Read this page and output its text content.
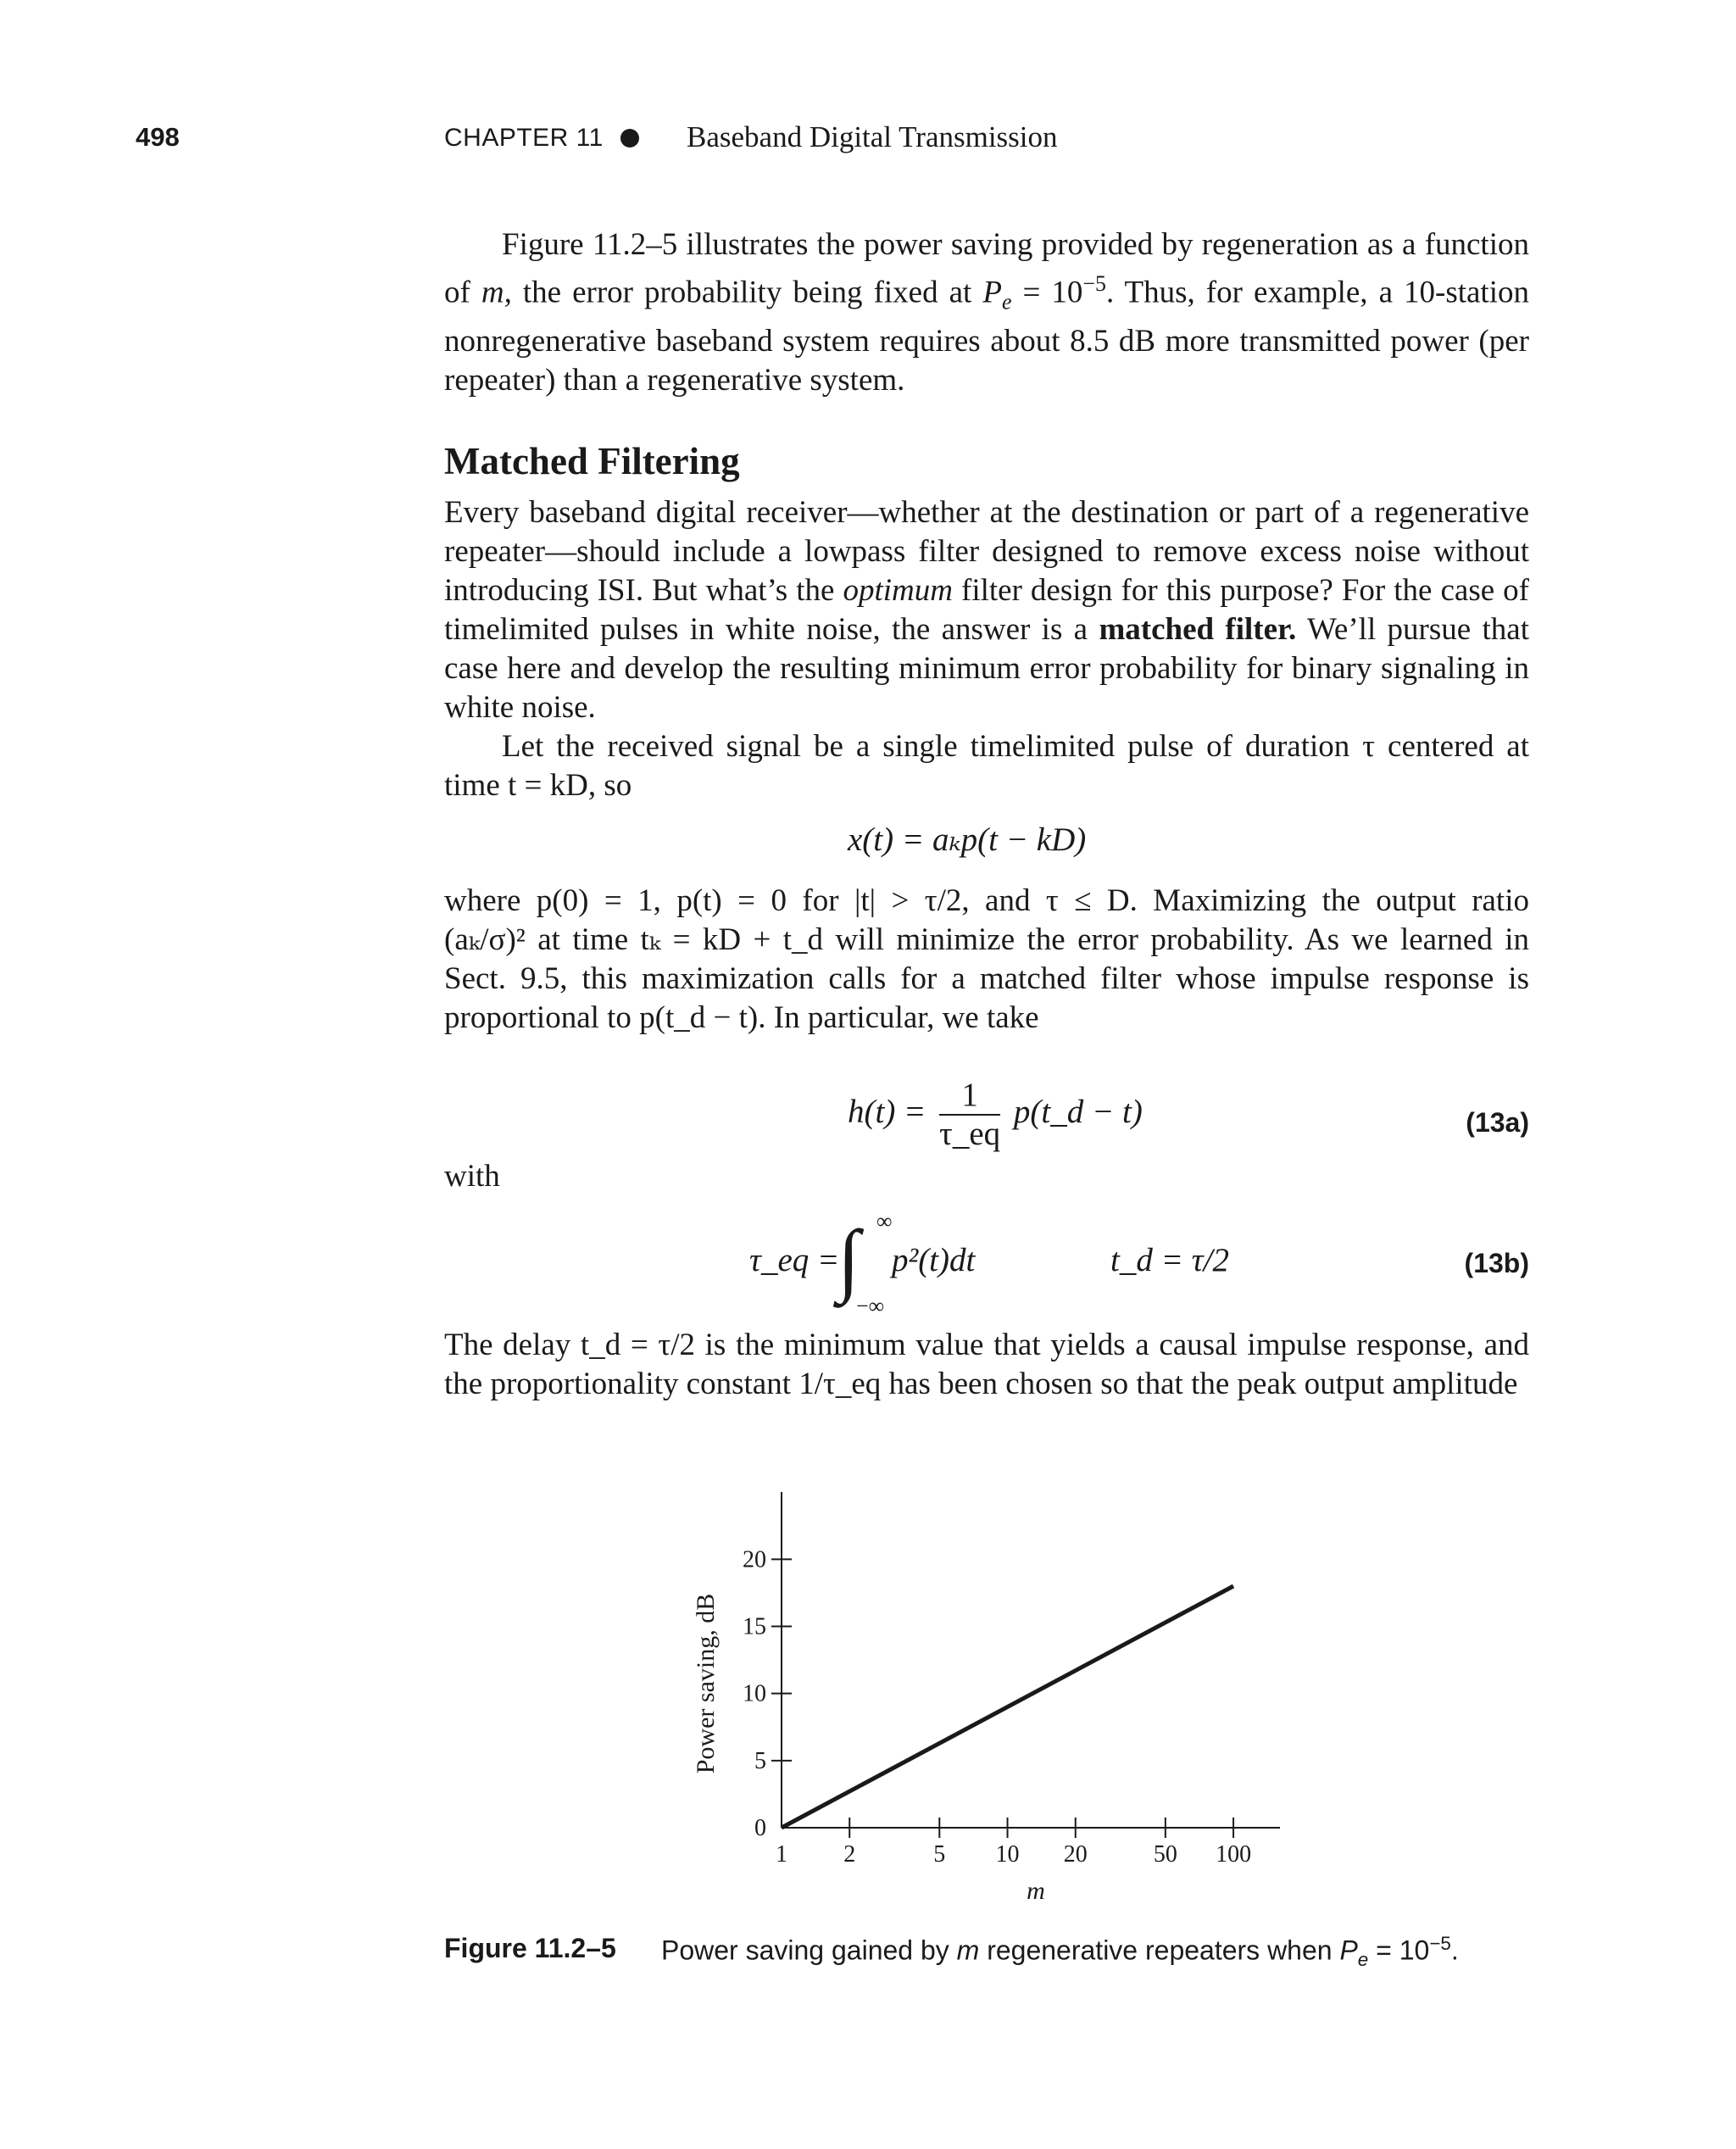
498	CHAPTER 11	Baseband Digital Transmission

Figure 11.2–5 illustrates the power saving provided by regeneration as a function of m, the error probability being fixed at $P_e = 10^{-5}$. Thus, for example, a 10-station nonregenerative baseband system requires about 8.5 dB more transmitted power (per repeater) than a regenerative system.

Matched Filtering

Every baseband digital receiver—whether at the destination or part of a regenerative repeater—should include a lowpass filter designed to remove excess noise without introducing ISI. But what’s the optimum filter design for this purpose? For the case of timelimited pulses in white noise, the answer is a matched filter. We’ll pursue that case here and develop the resulting minimum error probability for binary signaling in white noise.

Let the received signal be a single timelimited pulse of duration τ centered at time t = kD, so

x(t) = aₖp(t − kD)

where p(0) = 1, p(t) = 0 for |t| > τ/2, and τ ≤ D. Maximizing the output ratio

(aₖ/σ)² at time tₖ = kD + t_d will minimize the error probability. As we learned in

Sect. 9.5, this maximization calls for a matched filter whose impulse response is proportional to p(t_d − t). In particular, we take

$h(t) = \frac{1}{\tau\_eq}$ p(t_d − t)	(13a)
with
τ_eq =
∫ ∞
−∞
p²(t)dt	t_d = τ/2	(13b)

The delay t_d = τ/2 is the minimum value that yields a causal impulse response, and the proportionality constant 1/τ_eq has been chosen so that the peak output amplitude

0
5
10
15
20
1 2	5 10 20	50 100
m
Power saving, dB
Figure 11.2–5 Power saving gained by m regenerative repeaters when $P_e = 10^{-5}$.
